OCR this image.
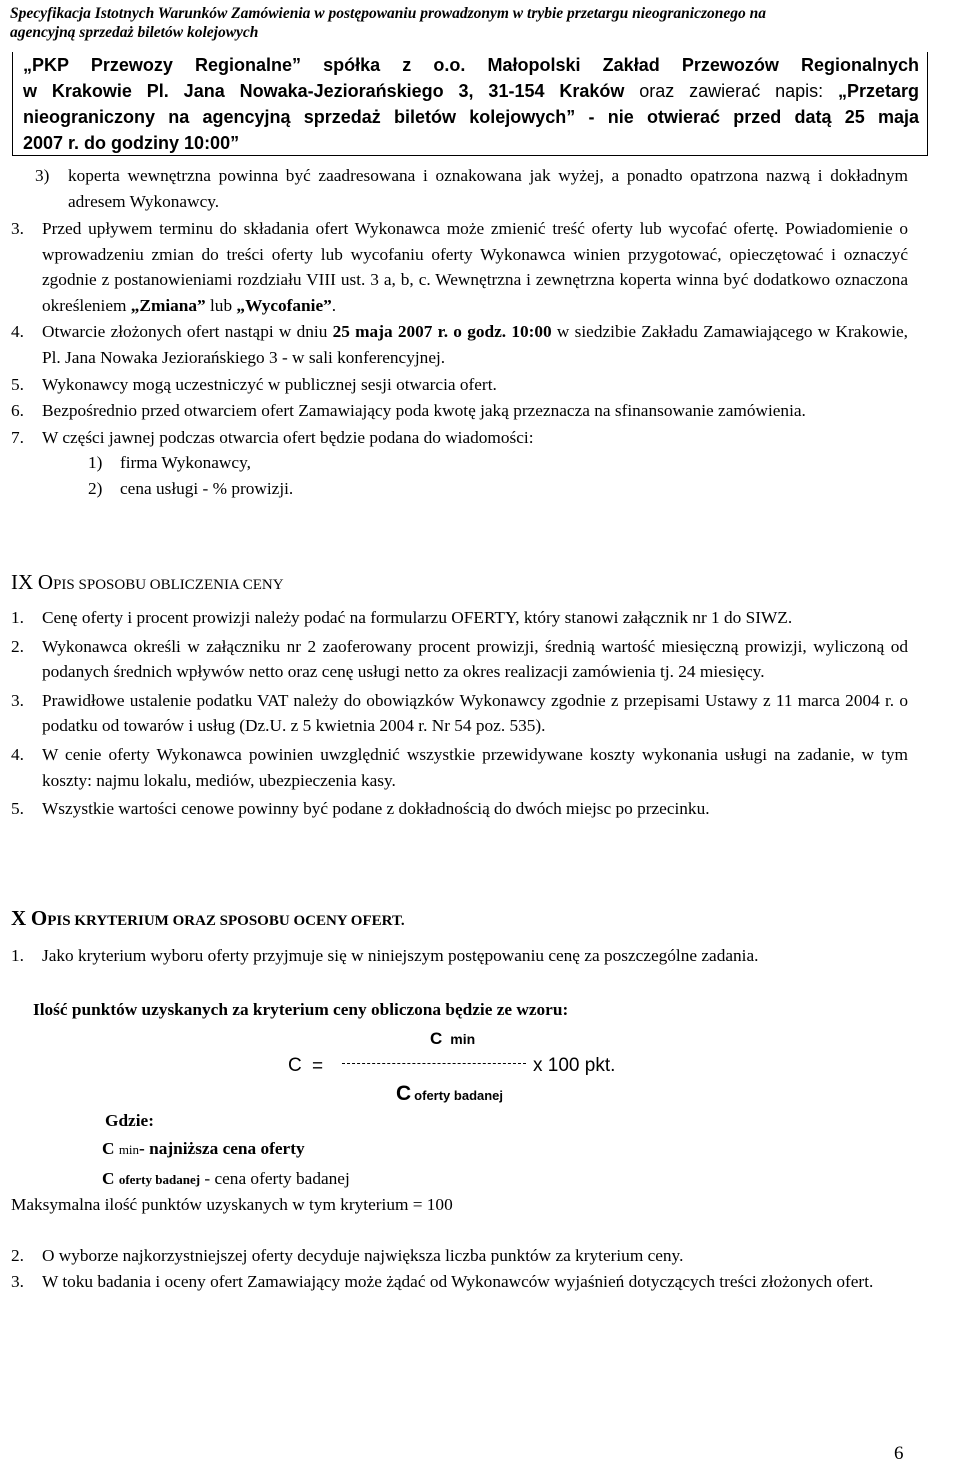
Specyfikacja Istotnych Warunków Zamówienia w postępowaniu prowadzonym w trybie przetargu nieograniczonego na
agencyjną sprzedaż biletów kolejowych

„PKP Przewozy Regionalne” spółka z o.o. Małopolski Zakład Przewozów Regionalnych

w Krakowie Pl. Jana Nowaka-Jeziorańskiego 3, 31-154 Kraków oraz zawierać napis: „Przetarg

nieograniczony na agencyjną sprzedaż biletów kolejowych” - nie otwierać przed datą 25 maja

2007 r. do godziny 10:00”

3) koperta wewnętrzna powinna być zaadresowana i oznakowana jak wyżej, a ponadto opatrzona nazwą i dokładnym adresem Wykonawcy.

3. Przed upływem terminu do składania ofert Wykonawca może zmienić treść oferty lub wycofać ofertę. Powiadomienie o wprowadzeniu zmian do treści oferty lub wycofaniu oferty Wykonawca winien przygotować, opieczętować i oznaczyć zgodnie z postanowieniami rozdziału VIII ust. 3 a, b, c. Wewnętrzna i zewnętrzna koperta winna być dodatkowo oznaczona określeniem „Zmiana” lub „Wycofanie”.

4. Otwarcie złożonych ofert nastąpi w dniu 25 maja 2007 r. o godz. 10:00 w siedzibie Zakładu Zamawiającego w Krakowie, Pl. Jana Nowaka Jeziorańskiego 3 - w sali konferencyjnej.

5. Wykonawcy mogą uczestniczyć w publicznej sesji otwarcia ofert.

6. Bezpośrednio przed otwarciem ofert Zamawiający poda kwotę jaką przeznacza na sfinansowanie zamówienia.

7. W części jawnej podczas otwarcia ofert będzie podana do wiadomości:

1) firma Wykonawcy,

2) cena usługi - % prowizji.

IX OPIS SPOSOBU OBLICZENIA CENY

1. Cenę oferty i procent prowizji należy podać na formularzu OFERTY, który stanowi załącznik nr 1 do SIWZ.

2. Wykonawca określi w załączniku nr 2 zaoferowany procent prowizji, średnią wartość miesięczną prowizji, wyliczoną od podanych średnich wpływów netto oraz cenę usługi netto za okres realizacji zamówienia tj. 24 miesięcy.

3. Prawidłowe ustalenie podatku VAT należy do obowiązków Wykonawcy zgodnie z przepisami Ustawy z 11 marca 2004 r. o podatku od towarów i usług (Dz.U. z 5 kwietnia 2004 r. Nr 54 poz. 535).

4. W cenie oferty Wykonawca powinien uwzględnić wszystkie przewidywane koszty wykonania usługi na zadanie, w tym koszty: najmu lokalu, mediów, ubezpieczenia kasy.

5. Wszystkie wartości cenowe powinny być podane z dokładnością do dwóch miejsc po przecinku.

X OPIS KRYTERIUM ORAZ SPOSOBU OCENY OFERT.

1. Jako kryterium wyboru oferty przyjmuje się w niniejszym postępowaniu cenę za poszczególne zadania.

Ilość punktów uzyskanych za kryterium ceny obliczona będzie ze wzoru:
C min
C =	x 100 pkt.
Coferty badanej
Gdzie:
C min- najniższa cena oferty
C oferty badanej - cena oferty badanej
Maksymalna ilość punktów uzyskanych w tym kryterium = 100

2. O wyborze najkorzystniejszej oferty decyduje największa liczba punktów za kryterium ceny.

3. W toku badania i oceny ofert Zamawiający może żądać od Wykonawców wyjaśnień dotyczących treści złożonych ofert.

6
